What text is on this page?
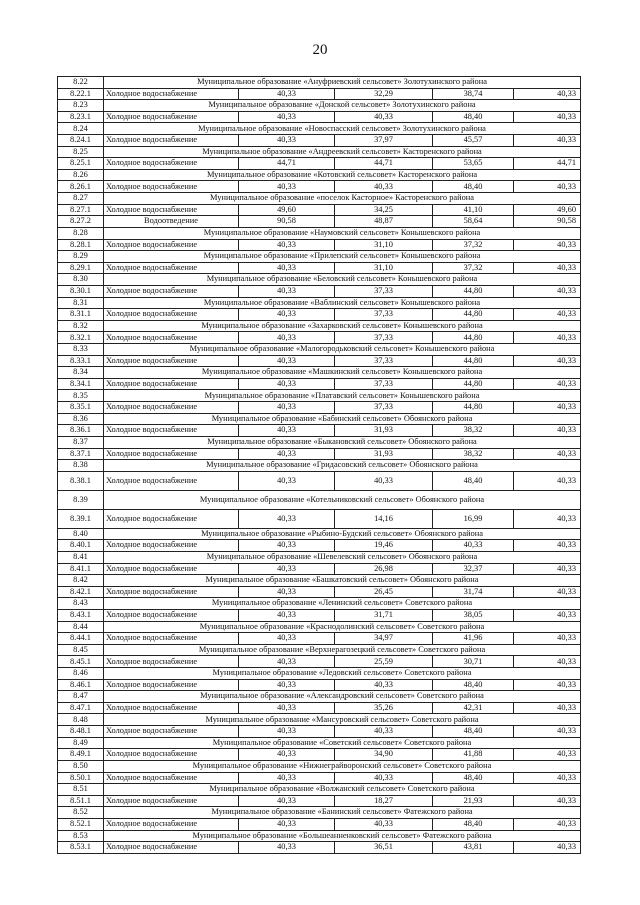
20
8.22	Муниципальное образование «Ануфриевский сельсовет» Золотухинского района				
8.22.1	Холодное водоснабжение	40,33	32,29	38,74	40,33
8.23	Муниципальное образование «Донской сельсовет» Золотухинского района				
8.23.1	Холодное водоснабжение	40,33	40,33	48,40	40,33
8.24	Муниципальное образование «Новоспасский сельсовет» Золотухинского района				
8.24.1	Холодное водоснабжение	40,33	37,97	45,57	40,33
8.25	Муниципальное образование «Андреевский сельсовет» Касторенского района				
8.25.1	Холодное водоснабжение	44,71	44,71	53,65	44,71
8.26	Муниципальное образование «Котовский сельсовет» Касторенского района				
8.26.1	Холодное водоснабжение	40,33	40,33	48,40	40,33
8.27	Муниципальное образование «поселок Касторное» Касторенского района				
8.27.1	Холодное водоснабжение	49,60	34,25	41,10	49,60
8.27.2	Водоотведение	90,58	48,87	58,64	90,58
8.28	Муниципальное образование «Наумовский сельсовет» Конышевского района				
8.28.1	Холодное водоснабжение	40,33	31,10	37,32	40,33
8.29	Муниципальное образование «Прилепский сельсовет» Конышевского района				
8.29.1	Холодное водоснабжение	40,33	31,10	37,32	40,33
8.30	Муниципальное образование «Беловский сельсовет» Конышевского района				
8.30.1	Холодное водоснабжение	40,33	37,33	44,80	40,33
8.31	Муниципальное образование «Ваблинский сельсовет» Конышевского района				
8.31.1	Холодное водоснабжение	40,33	37,33	44,80	40,33
8.32	Муниципальное образование «Захарковский сельсовет» Конышевского района				
8.32.1	Холодное водоснабжение	40,33	37,33	44,80	40,33
8.33	Муниципальное образование «Малогородьковский сельсовет» Конышевского района				
8.33.1	Холодное водоснабжение	40,33	37,33	44,80	40,33
8.34	Муниципальное образование «Машкинский сельсовет» Конышевского района				
8.34.1	Холодное водоснабжение	40,33	37,33	44,80	40,33
8.35	Муниципальное образование «Платавский сельсовет» Конышевского района				
8.35.1	Холодное водоснабжение	40,33	37,33	44,80	40,33
8.36	Муниципальное образование «Бабинский сельсовет» Обоянского района				
8.36.1	Холодное водоснабжение	40,33	31,93	38,32	40,33
8.37	Муниципальное образование «Быкановский сельсовет» Обоянского района				
8.37.1	Холодное водоснабжение	40,33	31,93	38,32	40,33
8.38	Муниципальное образование «Гридасовский сельсовет» Обоянского района				
8.38.1	Холодное водоснабжение	40,33	40,33	48,40	40,33
8.39	Муниципальное образование «Котельниковский сельсовет» Обоянского района				
8.39.1	Холодное водоснабжение	40,33	14,16	16,99	40,33
8.40	Муниципальное образование «Рыбино-Будский сельсовет» Обоянского района				
8.40.1	Холодное водоснабжение	40,33	19,46	40,33	40,33
8.41	Муниципальное образование «Шевелевский сельсовет» Обоянского района				
8.41.1	Холодное водоснабжение	40,33	26,98	32,37	40,33
8.42	Муниципальное образование «Башкатовский сельсовет» Обоянского района				
8.42.1	Холодное водоснабжение	40,33	26,45	31,74	40,33
8.43	Муниципальное образование «Ленинский сельсовет» Советского района				
8.43.1	Холодное водоснабжение	40,33	31,71	38,05	40,33
8.44	Муниципальное образование «Краснодолинский сельсовет» Советского района				
8.44.1	Холодное водоснабжение	40,33	34,97	41,96	40,33
8.45	Муниципальное образование «Верхнерагозецкий сельсовет» Советского района				
8.45.1	Холодное водоснабжение	40,33	25,59	30,71	40,33
8.46	Муниципальное образование «Ледовский сельсовет» Советского района				
8.46.1	Холодное водоснабжение	40,33	40,33	48,40	40,33
8.47	Муниципальное образование «Александровский сельсовет» Советского района				
8.47.1	Холодное водоснабжение	40,33	35,26	42,31	40,33
8.48	Муниципальное образование «Мансуровский сельсовет» Советского района				
8.48.1	Холодное водоснабжение	40,33	40,33	48,40	40,33
8.49	Муниципальное образование «Советский сельсовет» Советского района				
8.49.1	Холодное водоснабжение	40,33	34,90	41,88	40,33
8.50	Муниципальное образование «Нижнеграйворонский сельсовет» Советского района				
8.50.1	Холодное водоснабжение	40,33	40,33	48,40	40,33
8.51	Муниципальное образование «Волжанский сельсовет» Советского района				
8.51.1	Холодное водоснабжение	40,33	18,27	21,93	40,33
8.52	Муниципальное образование «Банинский сельсовет» Фатежского района				
8.52.1	Холодное водоснабжение	40,33	40,33	48,40	40,33
8.53	Муниципальное образование «Большеанненковский сельсовет» Фатежского района				
8.53.1	Холодное водоснабжение	40,33	36,51	43,81	40,33
